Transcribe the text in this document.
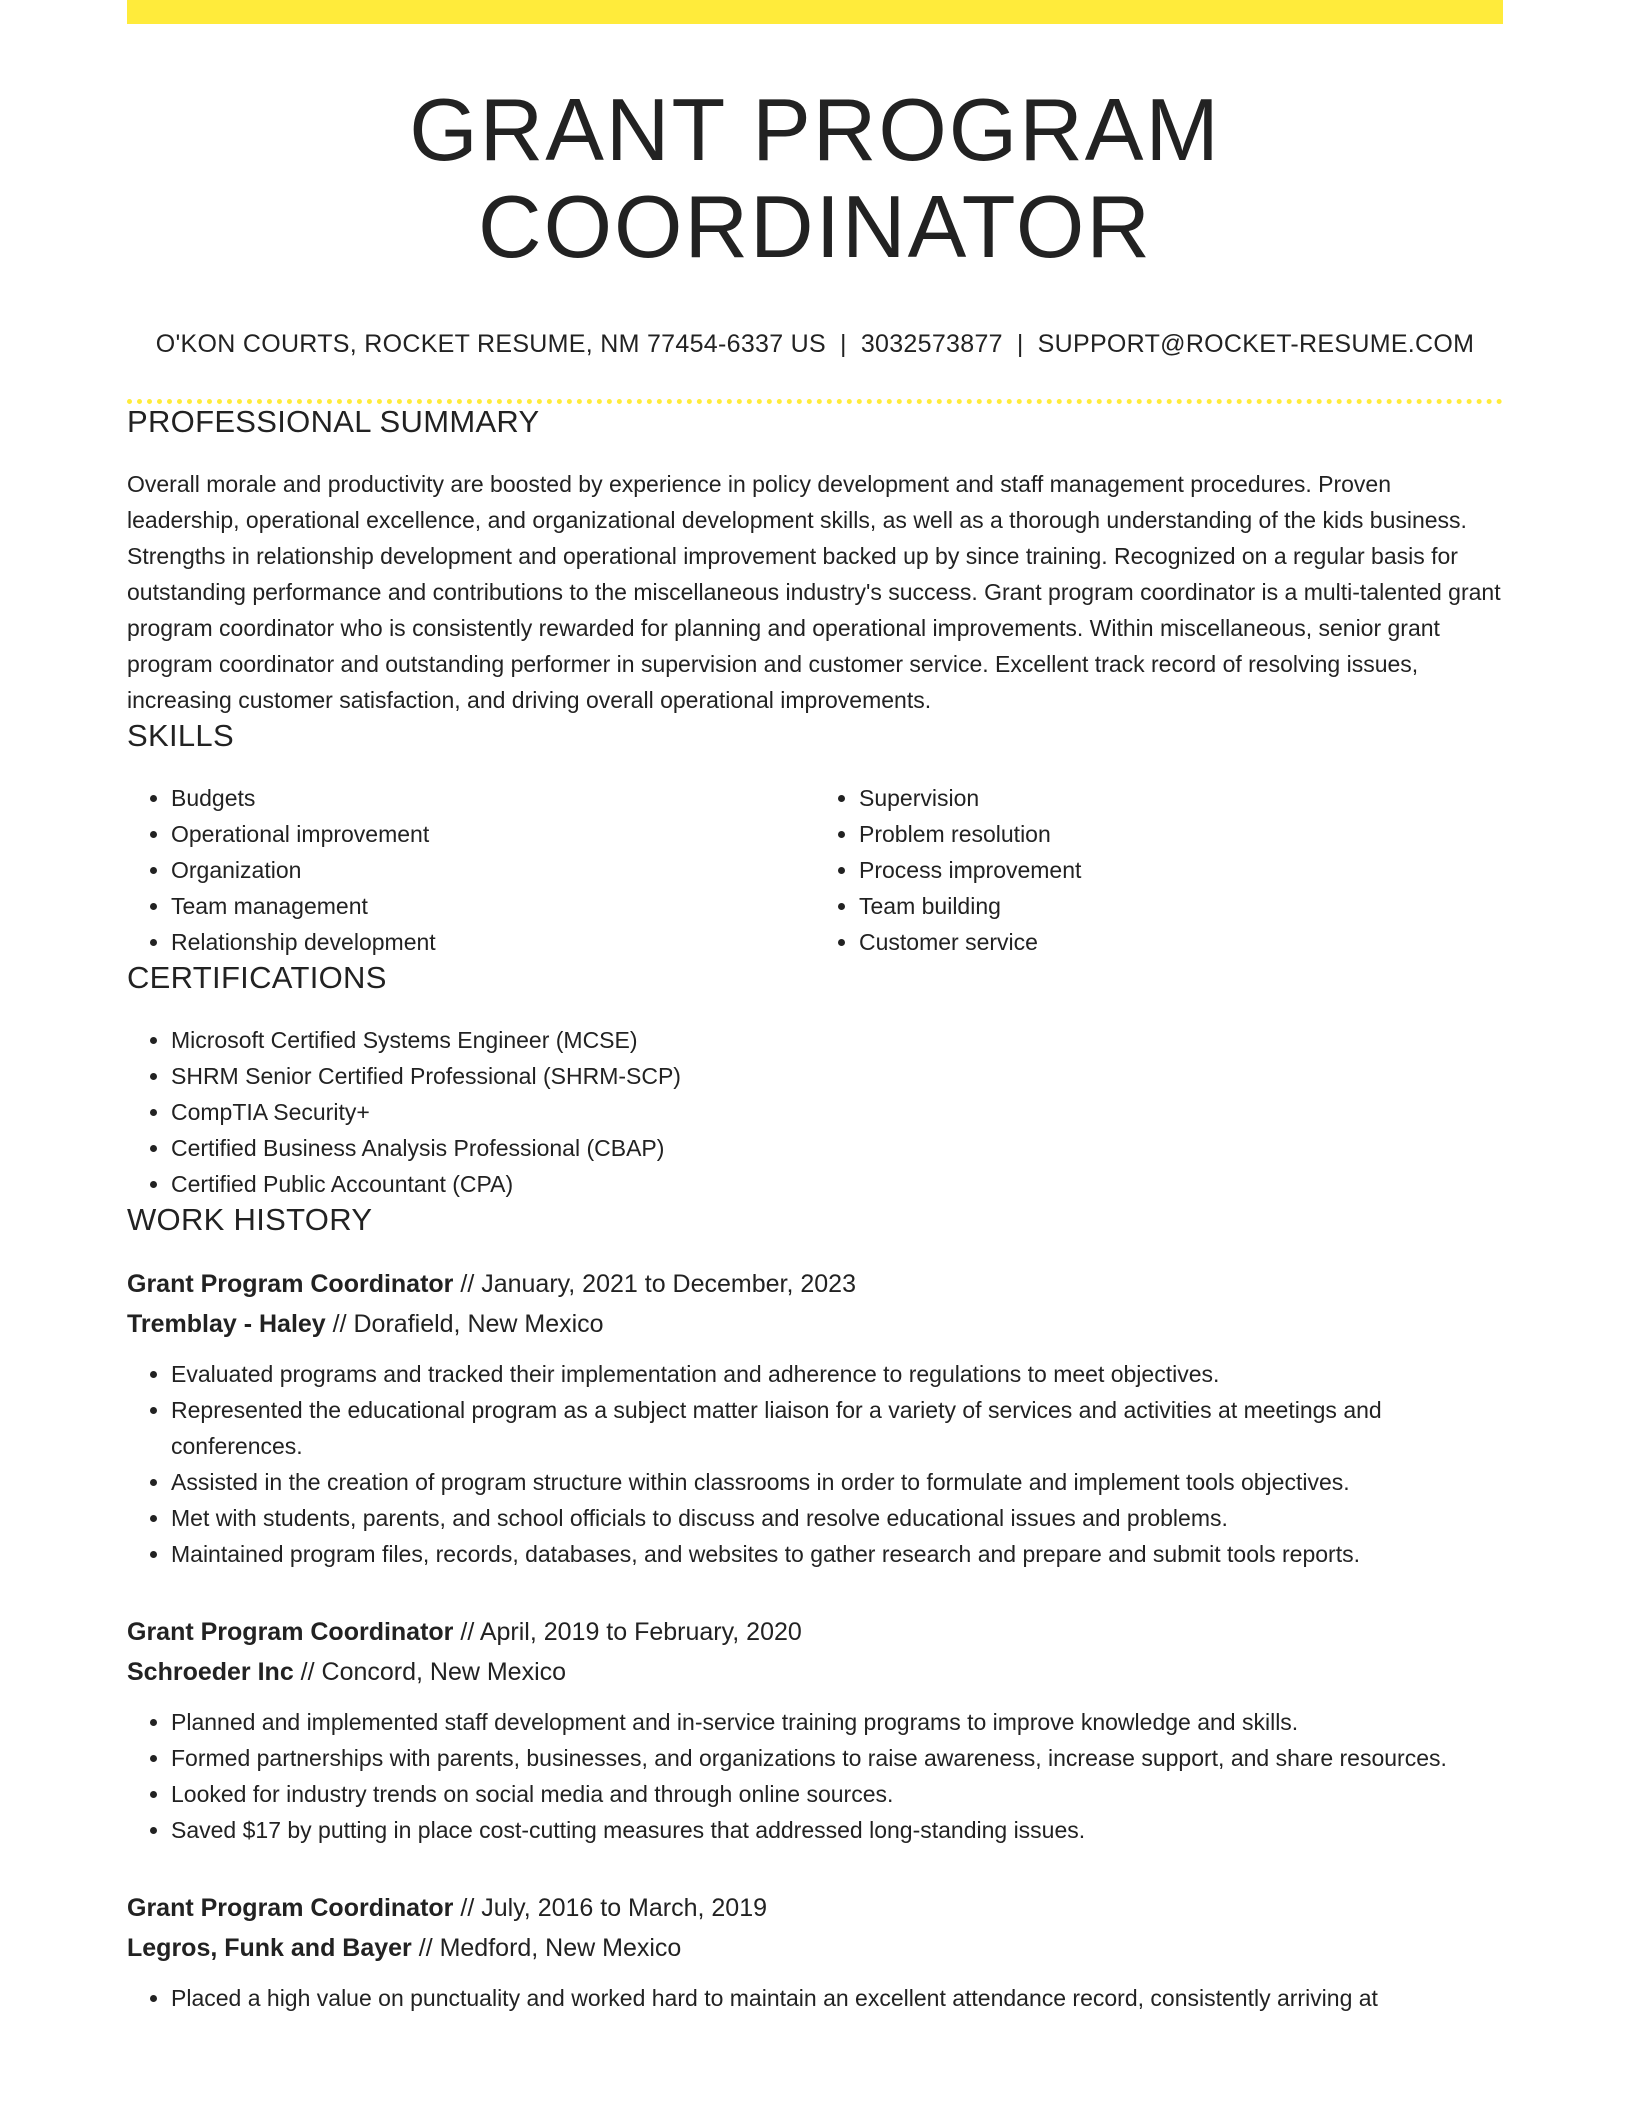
GRANT PROGRAM COORDINATOR
O'KON COURTS, ROCKET RESUME, NM 77454-6337 US | 3032573877 | SUPPORT@ROCKET-RESUME.COM
PROFESSIONAL SUMMARY
Overall morale and productivity are boosted by experience in policy development and staff management procedures. Proven leadership, operational excellence, and organizational development skills, as well as a thorough understanding of the kids business. Strengths in relationship development and operational improvement backed up by since training. Recognized on a regular basis for outstanding performance and contributions to the miscellaneous industry's success. Grant program coordinator is a multi-talented grant program coordinator who is consistently rewarded for planning and operational improvements. Within miscellaneous, senior grant program coordinator and outstanding performer in supervision and customer service. Excellent track record of resolving issues, increasing customer satisfaction, and driving overall operational improvements.
SKILLS
• Budgets
• Operational improvement
• Organization
• Team management
• Relationship development
• Supervision
• Problem resolution
• Process improvement
• Team building
• Customer service
CERTIFICATIONS
• Microsoft Certified Systems Engineer (MCSE)
• SHRM Senior Certified Professional (SHRM-SCP)
• CompTIA Security+
• Certified Business Analysis Professional (CBAP)
• Certified Public Accountant (CPA)
WORK HISTORY
Grant Program Coordinator // January, 2021 to December, 2023
Tremblay - Haley // Dorafield, New Mexico
• Evaluated programs and tracked their implementation and adherence to regulations to meet objectives.
• Represented the educational program as a subject matter liaison for a variety of services and activities at meetings and conferences.
• Assisted in the creation of program structure within classrooms in order to formulate and implement tools objectives.
• Met with students, parents, and school officials to discuss and resolve educational issues and problems.
• Maintained program files, records, databases, and websites to gather research and prepare and submit tools reports.
Grant Program Coordinator // April, 2019 to February, 2020
Schroeder Inc // Concord, New Mexico
• Planned and implemented staff development and in-service training programs to improve knowledge and skills.
• Formed partnerships with parents, businesses, and organizations to raise awareness, increase support, and share resources.
• Looked for industry trends on social media and through online sources.
• Saved $17 by putting in place cost-cutting measures that addressed long-standing issues.
Grant Program Coordinator // July, 2016 to March, 2019
Legros, Funk and Bayer // Medford, New Mexico
• Placed a high value on punctuality and worked hard to maintain an excellent attendance record, consistently arriving at
